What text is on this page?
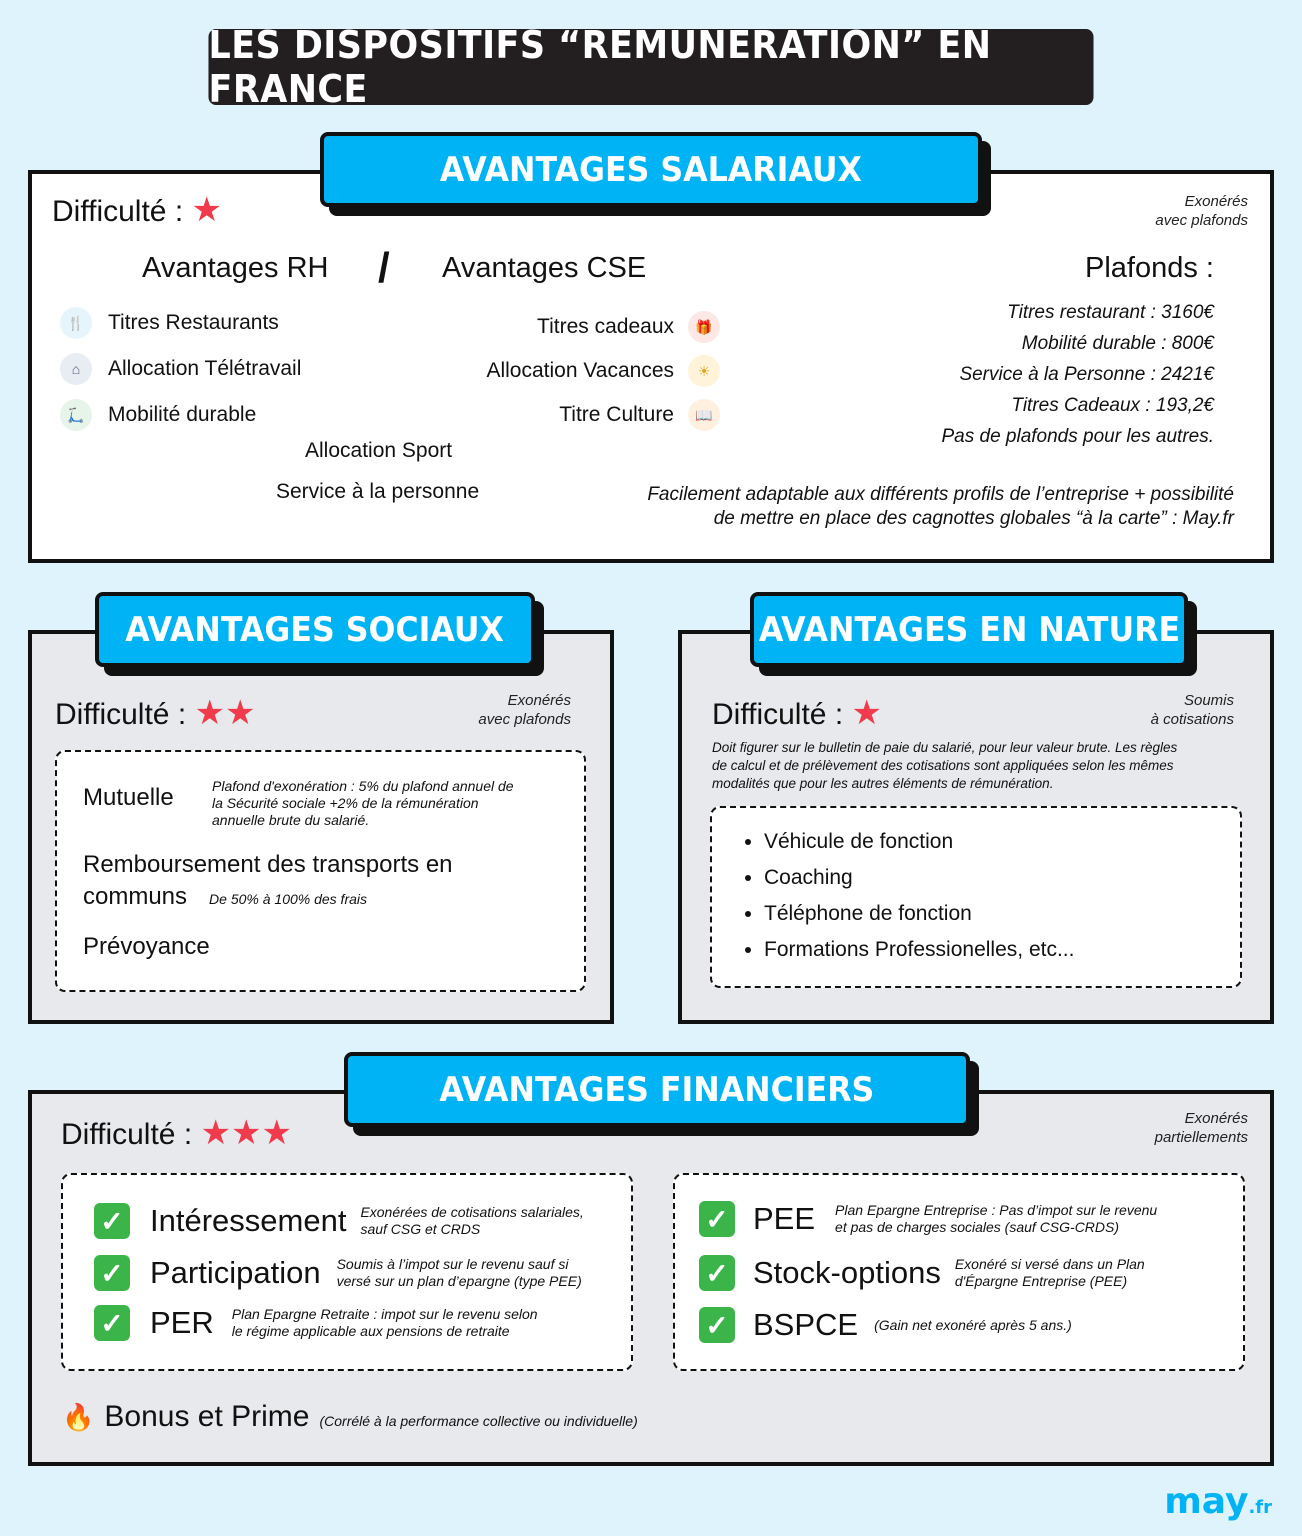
LES DISPOSITIFS “REMUNERATION” EN FRANCE
AVANTAGES SALARIAUX
Difficulté : ★	Exonérés
avec plafonds
Avantages RH / Avantages CSE
🍴	Titres Restaurants
⌂	Allocation Télétravail
🛴	Mobilité durable
Titres cadeaux	🎁
Allocation Vacances	☀
Titre Culture	📖
Allocation Sport
Service à la personne
Plafonds :
Titres restaurant : 3160€
Mobilité durable : 800€
Service à la Personne : 2421€
Titres Cadeaux : 193,2€
Pas de plafonds pour les autres.
Facilement adaptable aux différents profils de l’entreprise + possibilité
de mettre en place des cagnottes globales “à la carte” : May.fr
AVANTAGES SOCIAUX
Difficulté : ★★	Exonérés
avec plafonds
Mutuelle	Plafond d'exonération : 5% du plafond annuel de
la Sécurité sociale +2% de la rémunération
annuelle brute du salarié.
Remboursement des transports en
communs De 50% à 100% des frais
Prévoyance
AVANTAGES EN NATURE
Difficulté : ★	Soumis
à cotisations
Doit figurer sur le bulletin de paie du salarié, pour leur valeur brute. Les règles
de calcul et de prélèvement des cotisations sont appliquées selon les mêmes
modalités que pour les autres éléments de rémunération.
• Véhicule de fonction
• Coaching
• Téléphone de fonction
• Formations Professionelles, etc...
AVANTAGES FINANCIERS
Difficulté : ★★★	Exonérés
partiellements
✓ Intéressement Exonérées de cotisations salariales,
sauf CSG et CRDS
✓ Participation Soumis à l’impot sur le revenu sauf si
versé sur un plan d’epargne (type PEE)
✓ PER Plan Epargne Retraite : impot sur le revenu selon
le régime applicable aux pensions de retraite
✓ PEE Plan Epargne Entreprise : Pas d’impot sur le revenu
et pas de charges sociales (sauf CSG-CRDS)
✓ Stock-options Exonéré si versé dans un Plan
d'Épargne Entreprise (PEE)
✓ BSPCE (Gain net exonéré après 5 ans.)
🔥 Bonus et Prime (Corrélé à la performance collective ou individuelle)
may.fr
